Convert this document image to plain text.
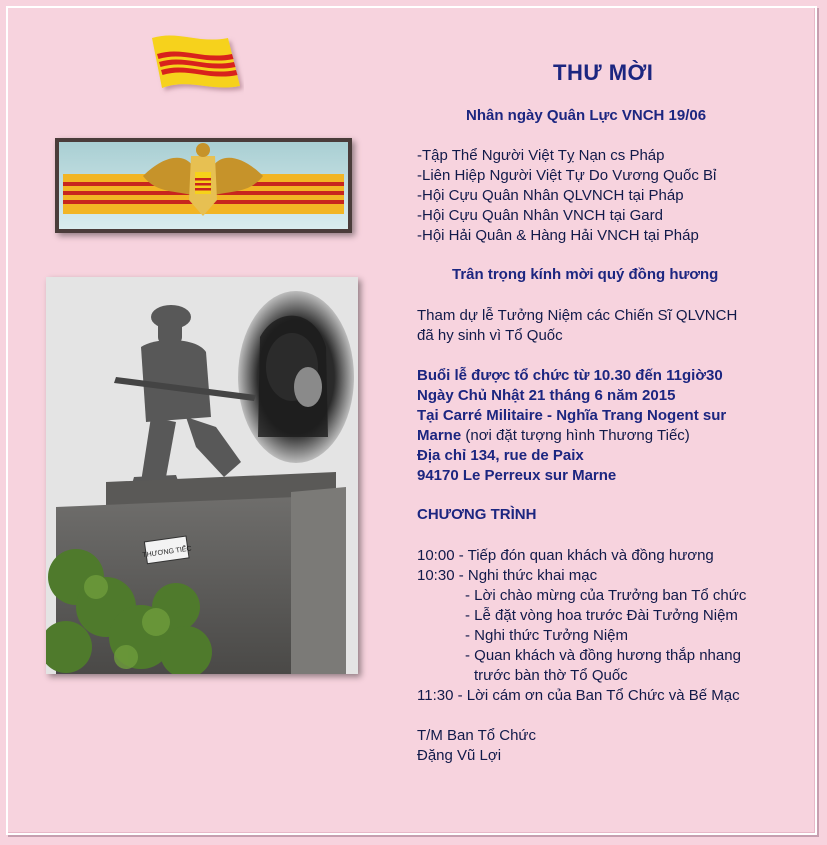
THƯƠNG TIẾC
THƯ MỜI
Nhân ngày Quân Lực VNCH 19/06
-Tập Thể Người Việt Tỵ Nạn cs Pháp
-Liên Hiệp Người Việt Tự Do Vương Quốc Bỉ
-Hội Cựu Quân Nhân QLVNCH tại Pháp
-Hội Cựu Quân Nhân VNCH tại Gard
-Hội Hải Quân & Hàng Hải VNCH tại Pháp
Trân trọng kính mời quý đồng hương
Tham dự lễ Tưởng Niệm các Chiến Sĩ QLVNCH
đã hy sinh vì Tổ Quốc
Buổi lễ được tổ chức từ 10.30 đến 11giờ30
Ngày Chủ Nhật 21 tháng 6 năm 2015
Tại Carré Militaire - Nghĩa Trang Nogent sur
Marne (nơi đặt tượng hình Thương Tiếc)
Địa chỉ 134, rue de Paix
94170 Le Perreux sur Marne
CHƯƠNG TRÌNH
10:00 - Tiếp đón quan khách và đồng hương
10:30 - Nghi thức khai mạc
- Lời chào mừng của Trưởng ban Tổ chức
- Lễ đặt vòng hoa trước Đài Tưởng Niệm
- Nghi thức Tưởng Niệm
- Quan khách và đồng hương thắp nhang
trước bàn thờ Tổ Quốc
11:30 - Lời cám ơn của Ban Tổ Chức và Bế Mạc
T/M Ban Tổ Chức
Đặng Vũ Lợi
